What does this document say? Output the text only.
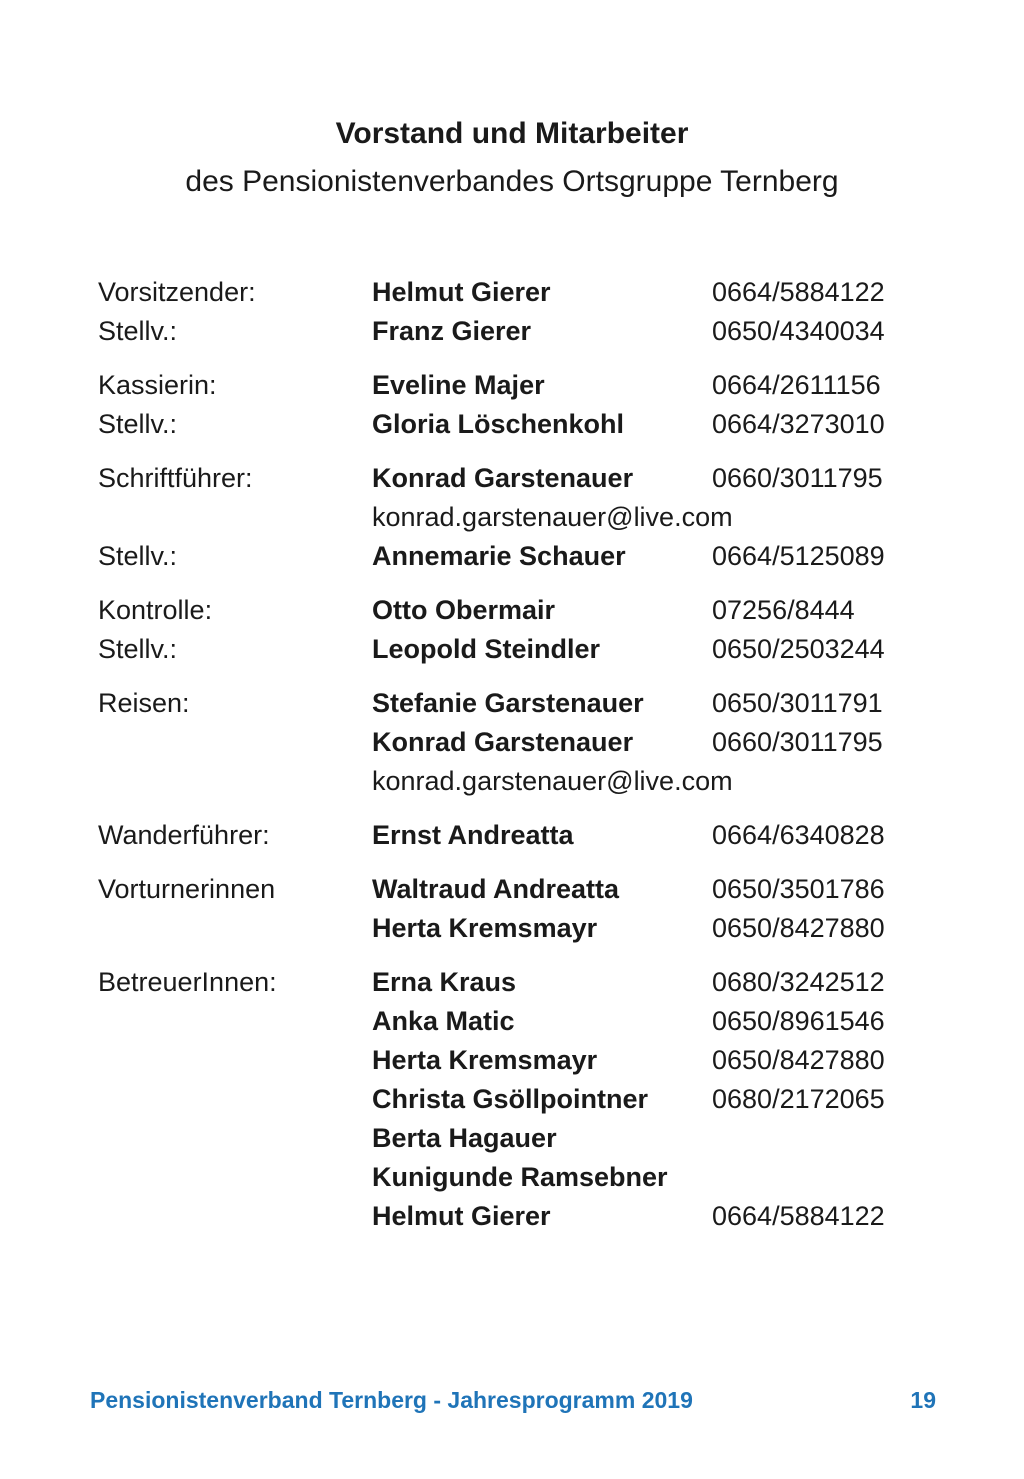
Vorstand und Mitarbeiter
des Pensionistenverbandes Ortsgruppe Ternberg
Vorsitzender:	Helmut Gierer	0664/5884122
Stellv.:	Franz Gierer	0650/4340034
Kassierin:	Eveline Majer	0664/2611156
Stellv.:	Gloria Löschenkohl	0664/3273010
Schriftführer:	Konrad Garstenauer	0660/3011795
konrad.garstenauer@live.com
Stellv.:	Annemarie Schauer	0664/5125089
Kontrolle:	Otto Obermair	07256/8444
Stellv.:	Leopold Steindler	0650/2503244
Reisen:	Stefanie Garstenauer	0650/3011791
Konrad Garstenauer	0660/3011795
konrad.garstenauer@live.com
Wanderführer:	Ernst Andreatta	0664/6340828
Vorturnerinnen	Waltraud Andreatta	0650/3501786
Herta Kremsmayr	0650/8427880
BetreuerInnen:	Erna Kraus	0680/3242512
Anka Matic	0650/8961546
Herta Kremsmayr	0650/8427880
Christa Gsöllpointner 0680/2172065
Berta Hagauer
Kunigunde Ramsebner
Helmut Gierer	0664/5884122
Pensionistenverband Ternberg - Jahresprogramm 2019	19
